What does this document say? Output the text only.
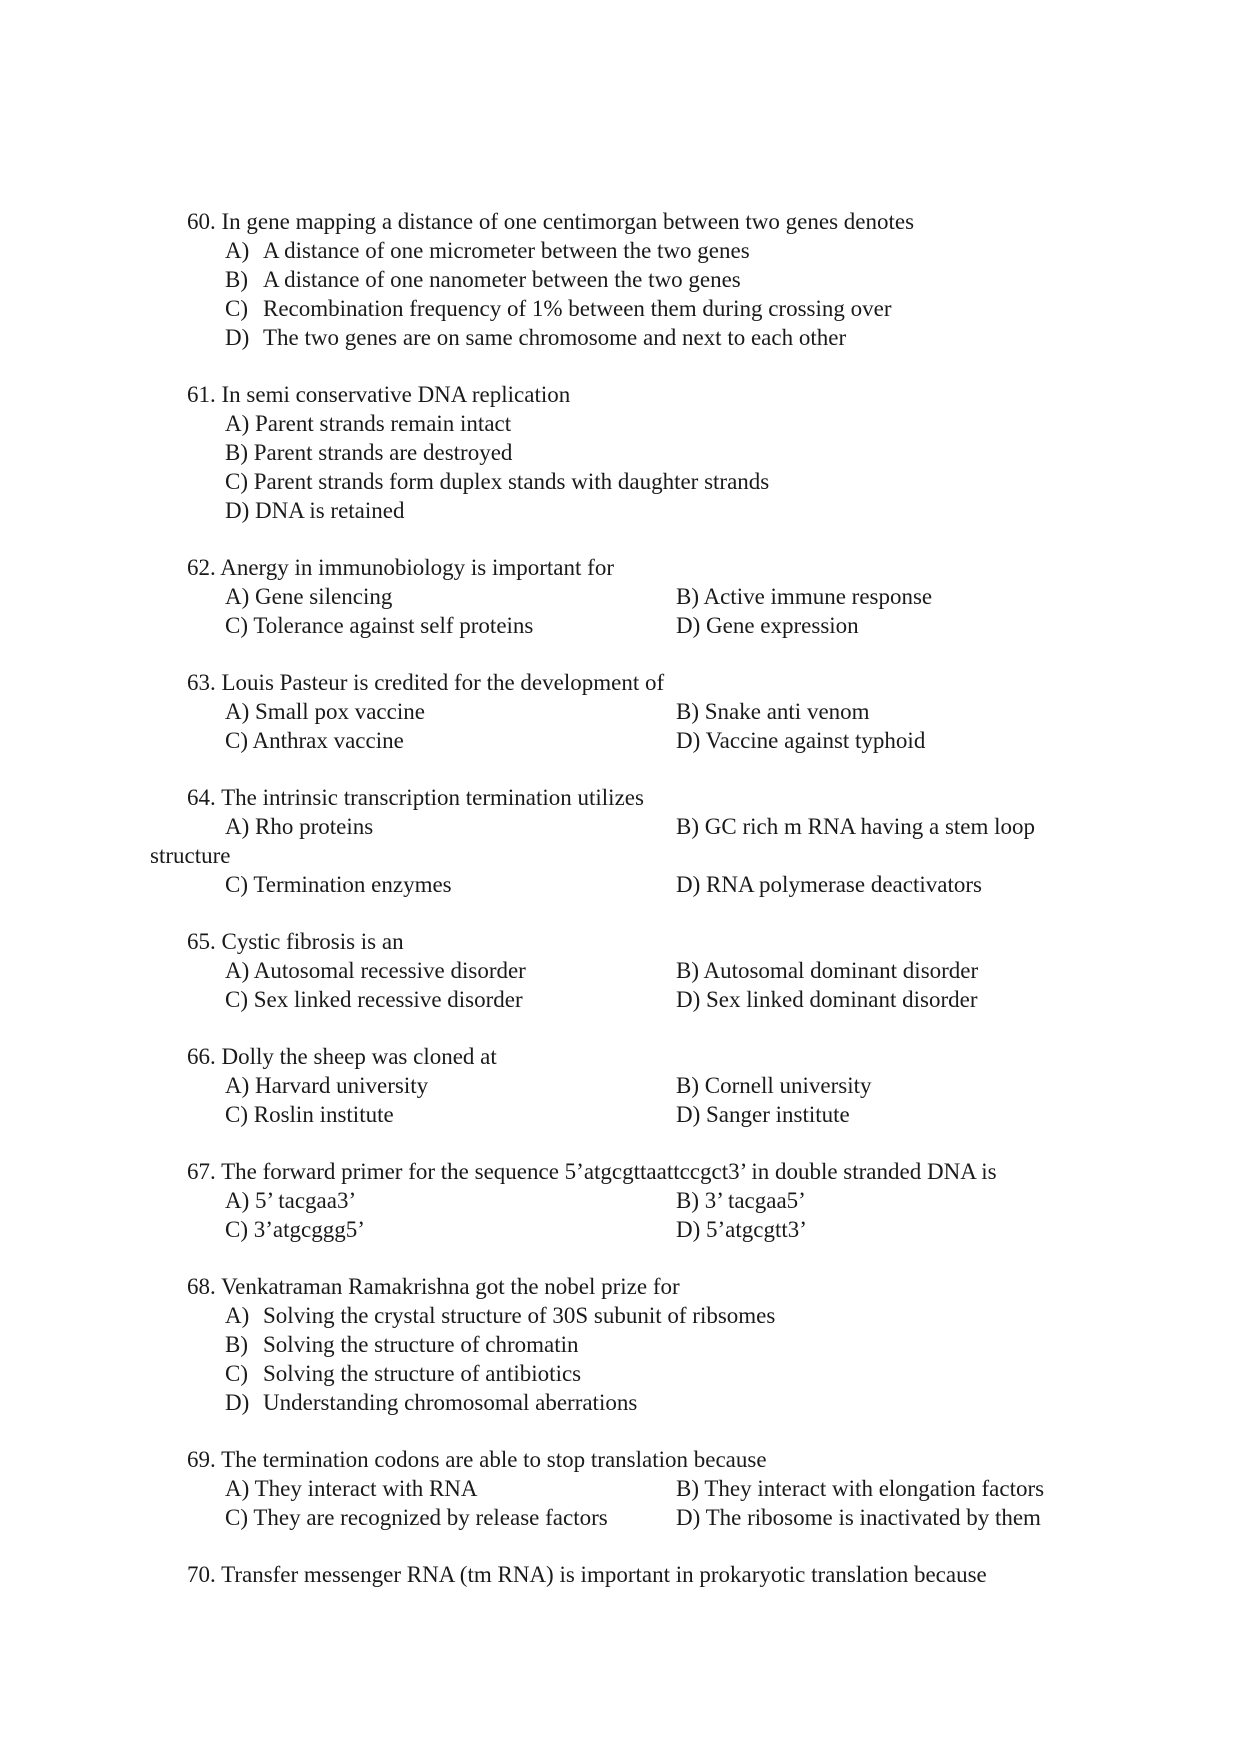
60. In gene mapping a distance of one centimorgan between two genes denotes
A) A distance of one micrometer between the two genes
B) A distance of one nanometer between the two genes
C) Recombination frequency of 1% between them during crossing over
D) The two genes are on same chromosome and next to each other
61. In semi conservative DNA replication
A) Parent strands remain intact
B) Parent strands are destroyed
C) Parent strands form duplex stands with daughter strands
D) DNA is retained
62. Anergy in immunobiology is important for
A) Gene silencing	B) Active immune response
C) Tolerance against self proteins	D) Gene expression
63. Louis Pasteur is credited for the development of
A) Small pox vaccine	B) Snake anti venom
C) Anthrax vaccine	D) Vaccine against typhoid
64. The intrinsic transcription termination utilizes
A) Rho proteins	B) GC rich m RNA having a stem loop
structure
C) Termination enzymes	D) RNA polymerase deactivators
65. Cystic fibrosis is an
A) Autosomal recessive disorder	B) Autosomal dominant disorder
C) Sex linked recessive disorder	D) Sex linked dominant disorder
66. Dolly the sheep was cloned at
A) Harvard university	B) Cornell university
C) Roslin institute	D) Sanger institute
67. The forward primer for the sequence 5’atgcgttaattccgct3’ in double stranded DNA is
A) 5’ tacgaa3’	B) 3’ tacgaa5’
C) 3’atgcggg5’	D) 5’atgcgtt3’
68. Venkatraman Ramakrishna got the nobel prize for
A) Solving the crystal structure of 30S subunit of ribsomes
B) Solving the structure of chromatin
C) Solving the structure of antibiotics
D) Understanding chromosomal aberrations
69. The termination codons are able to stop translation because
A) They interact with RNA	B) They interact with elongation factors
C) They are recognized by release factors	D) The ribosome is inactivated by them
70. Transfer messenger RNA (tm RNA) is important in prokaryotic translation because
